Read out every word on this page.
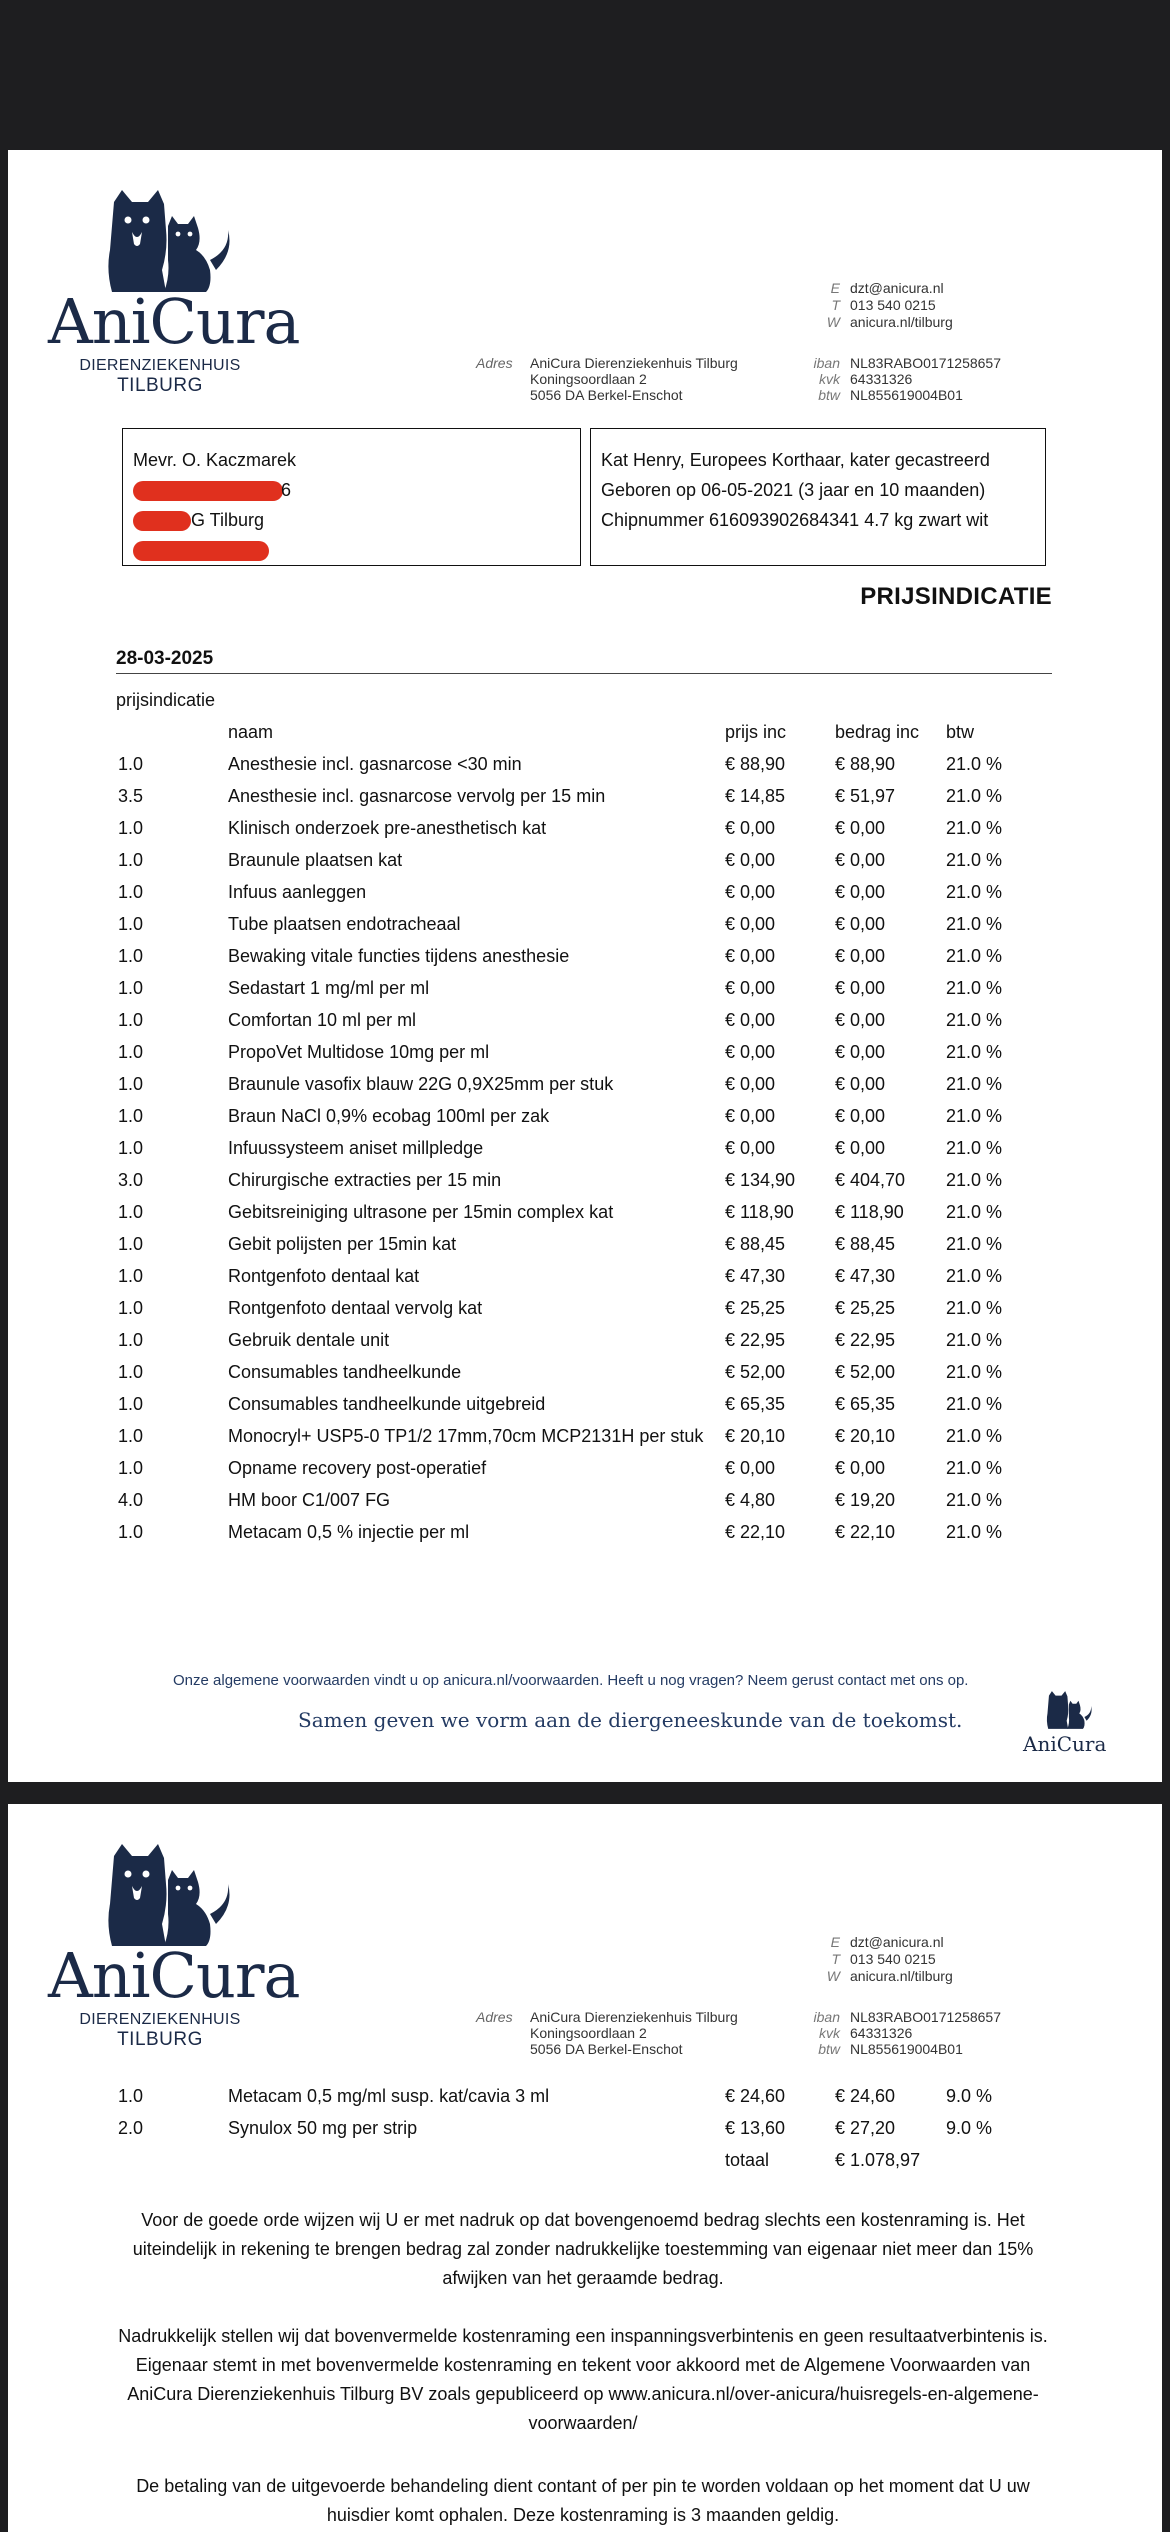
AniCura
DIERENZIEKENHUIS
TILBURG
E dzt@anicura.nl
T 013 540 0215
W anicura.nl/tilburg
Adres AniCura Dierenziekenhuis Tilburg
Koningsoordlaan 2
5056 DA Berkel-Enschot
iban NL83RABO0171258657
kvk 64331326
btw NL855619004B01
Mevr. O. Kaczmarek
6
G Tilburg
Kat Henry, Europees Korthaar, kater gecastreerd
Geboren op 06-05-2021 (3 jaar en 10 maanden)
Chipnummer 616093902684341 4.7 kg zwart wit
PRIJSINDICATIE
28-03-2025
prijsindicatie
naam	prijs inc	bedrag inc	btw
1.0	Anesthesie incl. gasnarcose <30 min	€ 88,90	€ 88,90	21.0 %
3.5	Anesthesie incl. gasnarcose vervolg per 15 min	€ 14,85	€ 51,97	21.0 %
1.0	Klinisch onderzoek pre-anesthetisch kat	€ 0,00	€ 0,00	21.0 %
1.0	Braunule plaatsen kat	€ 0,00	€ 0,00	21.0 %
1.0	Infuus aanleggen	€ 0,00	€ 0,00	21.0 %
1.0	Tube plaatsen endotracheaal	€ 0,00	€ 0,00	21.0 %
1.0	Bewaking vitale functies tijdens anesthesie	€ 0,00	€ 0,00	21.0 %
1.0	Sedastart 1 mg/ml per ml	€ 0,00	€ 0,00	21.0 %
1.0	Comfortan 10 ml per ml	€ 0,00	€ 0,00	21.0 %
1.0	PropoVet Multidose 10mg per ml	€ 0,00	€ 0,00	21.0 %
1.0	Braunule vasofix blauw 22G 0,9X25mm per stuk	€ 0,00	€ 0,00	21.0 %
1.0	Braun NaCl 0,9% ecobag 100ml per zak	€ 0,00	€ 0,00	21.0 %
1.0	Infuussysteem aniset millpledge	€ 0,00	€ 0,00	21.0 %
3.0	Chirurgische extracties per 15 min	€ 134,90	€ 404,70	21.0 %
1.0	Gebitsreiniging ultrasone per 15min complex kat	€ 118,90	€ 118,90	21.0 %
1.0	Gebit polijsten per 15min kat	€ 88,45	€ 88,45	21.0 %
1.0	Rontgenfoto dentaal kat	€ 47,30	€ 47,30	21.0 %
1.0	Rontgenfoto dentaal vervolg kat	€ 25,25	€ 25,25	21.0 %
1.0	Gebruik dentale unit	€ 22,95	€ 22,95	21.0 %
1.0	Consumables tandheelkunde	€ 52,00	€ 52,00	21.0 %
1.0	Consumables tandheelkunde uitgebreid	€ 65,35	€ 65,35	21.0 %
1.0	Monocryl+ USP5-0 TP1/2 17mm,70cm MCP2131H per stuk	€ 20,10	€ 20,10	21.0 %
1.0	Opname recovery post-operatief	€ 0,00	€ 0,00	21.0 %
4.0	HM boor C1/007 FG	€ 4,80	€ 19,20	21.0 %
1.0	Metacam 0,5 % injectie per ml	€ 22,10	€ 22,10	21.0 %
Onze algemene voorwaarden vindt u op anicura.nl/voorwaarden. Heeft u nog vragen? Neem gerust contact met ons op.
Samen geven we vorm aan de diergeneeskunde van de toekomst.
AniCura
AniCura
DIERENZIEKENHUIS
TILBURG
E dzt@anicura.nl
T 013 540 0215
W anicura.nl/tilburg
Adres AniCura Dierenziekenhuis Tilburg
Koningsoordlaan 2
5056 DA Berkel-Enschot
iban NL83RABO0171258657
kvk 64331326
btw NL855619004B01
1.0	Metacam 0,5 mg/ml susp. kat/cavia 3 ml	€ 24,60	€ 24,60	9.0 %
2.0	Synulox 50 mg per strip	€ 13,60	€ 27,20	9.0 %
totaal	€ 1.078,97
Voor de goede orde wijzen wij U er met nadruk op dat bovengenoemd bedrag slechts een kostenraming is. Het uiteindelijk in rekening te brengen bedrag zal zonder nadrukkelijke toestemming van eigenaar niet meer dan 15% afwijken van het geraamde bedrag.
Nadrukkelijk stellen wij dat bovenvermelde kostenraming een inspanningsverbintenis en geen resultaatverbintenis is. Eigenaar stemt in met bovenvermelde kostenraming en tekent voor akkoord met de Algemene Voorwaarden van AniCura Dierenziekenhuis Tilburg BV zoals gepubliceerd op www.anicura.nl/over-anicura/huisregels-en-algemene-voorwaarden/
De betaling van de uitgevoerde behandeling dient contant of per pin te worden voldaan op het moment dat U uw huisdier komt ophalen. Deze kostenraming is 3 maanden geldig.
